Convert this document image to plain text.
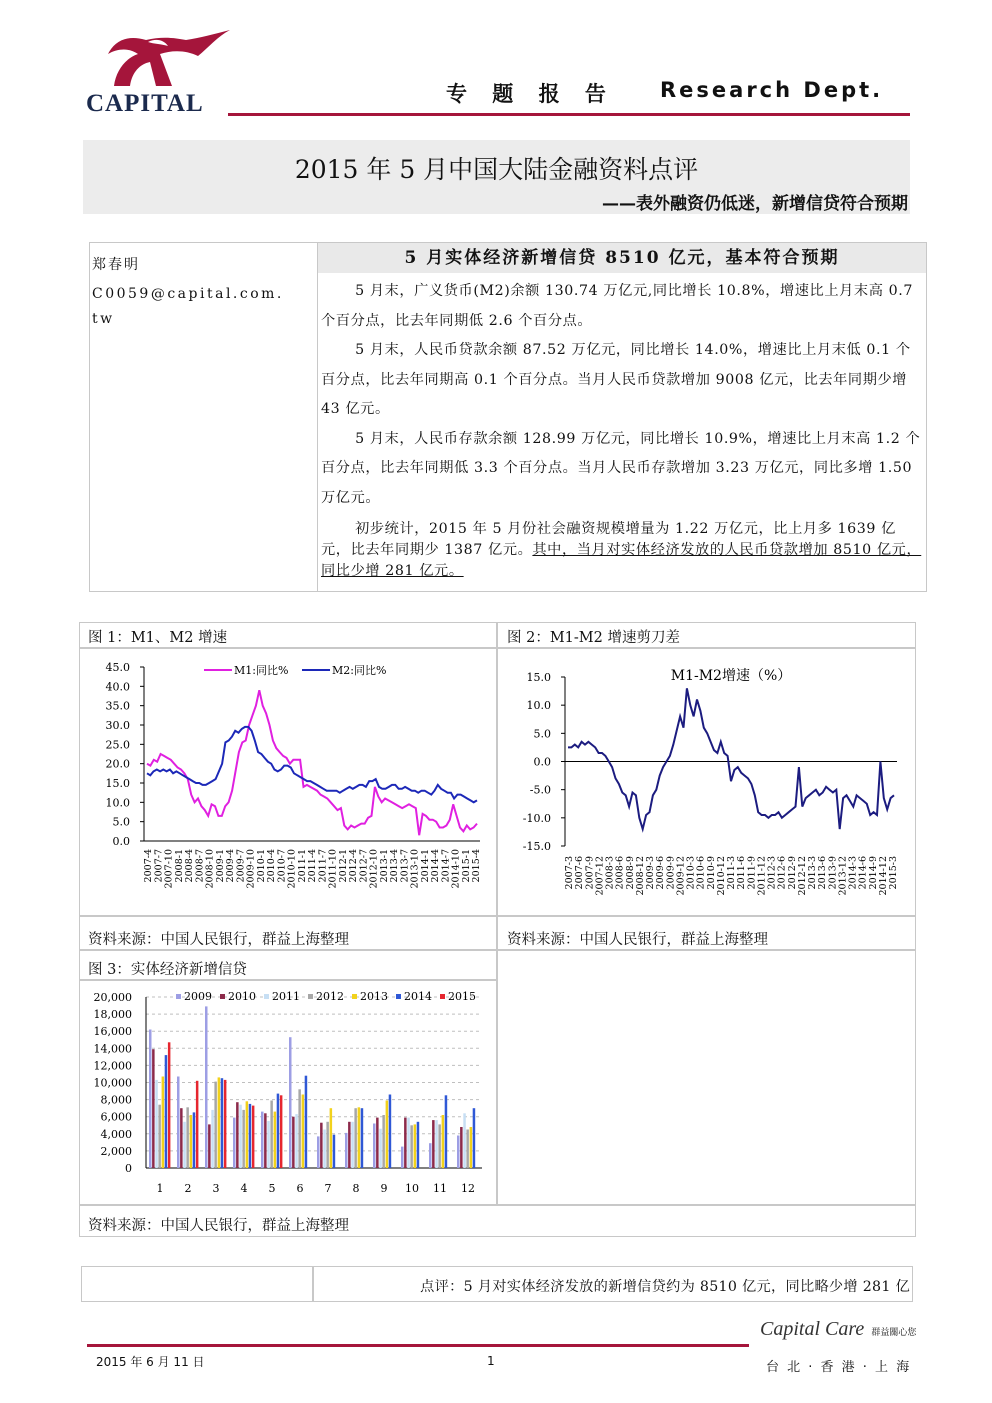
CAPITAL	专 题 报 告 Research Dept.
2015 年 5 月中国大陆金融资料点评
——表外融资仍低迷，新增信贷符合预期
郑春明
C0059@capital.com.tw
5 月实体经济新增信贷 8510 亿元，基本符合预期

5 月末，广义货币(M2)余额 130.74 万亿元,同比增长 10.8%，增速比上月末高 0.7 个百分点，比去年同期低 2.6 个百分点。

5 月末，人民币贷款余额 87.52 万亿元，同比增长 14.0%，增速比上月末低 0.1 个百分点，比去年同期高 0.1 个百分点。当月人民币贷款增加 9008 亿元，比去年同期少增 43 亿元。

5 月末，人民币存款余额 128.99 万亿元，同比增长 10.9%，增速比上月末高 1.2 个百分点，比去年同期低 3.3 个百分点。当月人民币存款增加 3.23 万亿元，同比多增 1.50 万亿元。

初步统计，2015 年 5 月份社会融资规模增量为 1.22 万亿元，比上月多 1639 亿元，比去年同期少 1387 亿元。其中，当月对实体经济发放的人民币贷款增加 8510 亿元，同比少增 281 亿元。

图 1：M1、M2 增速	图 2：M1-M2 增速剪刀差
资料来源：中国人民银行，群益上海整理	资料来源：中国人民银行，群益上海整理
图 3：实体经济新增信贷
资料来源：中国人民银行，群益上海整理
45.0
40.0
35.0
30.0
25.0
20.0
15.0
10.0
5.0
0.0
2007-4 2007-7 2007-10 2008-1 2008-4 2008-7 2008-10 2009-1 2009-4 2009-7 2009-10 2010-1 2010-4 2010-7 2010-10 2011-1 2011-4 2011-7 2011-10 2012-1 2012-4 2012-7 2012-10 2013-1 2013-4 2013-7 2013-10 2014-1 2014-4 2014-7 2014-10 2015-1 2015-4
M1:同比%	M2:同比%
15.0
10.0
5.0
0.0
-5.0
-10.0
-15.0
2007-3 2007-6 2007-9 2007-12 2008-3 2008-6 2008-9 2008-12 2009-3 2009-6 2009-9 2009-12 2010-3 2010-6 2010-9 2010-12 2011-3 2011-6 2011-9 2011-12 2012-3 2012-6 2012-9 2012-12 2013-3 2013-6 2013-9 2013-12 2014-3 2014-6 2014-9 2014-12 2015-3
M1-M2增速（%）
20,000
18,000
16,000
14,000
12,000
10,000
8,000
6,000
4,000
2,000
0
1 2 3 4 5 6 7 8 9 10 11 12
2009 2010 2011 2012 2013 2014 2015
点评：5 月对实体经济发放的新增信贷约为 8510 亿元，同比略少增 281 亿
2015 年 6 月 11 日	1
Capital Care 群益關心您
台 北 · 香 港 · 上 海
